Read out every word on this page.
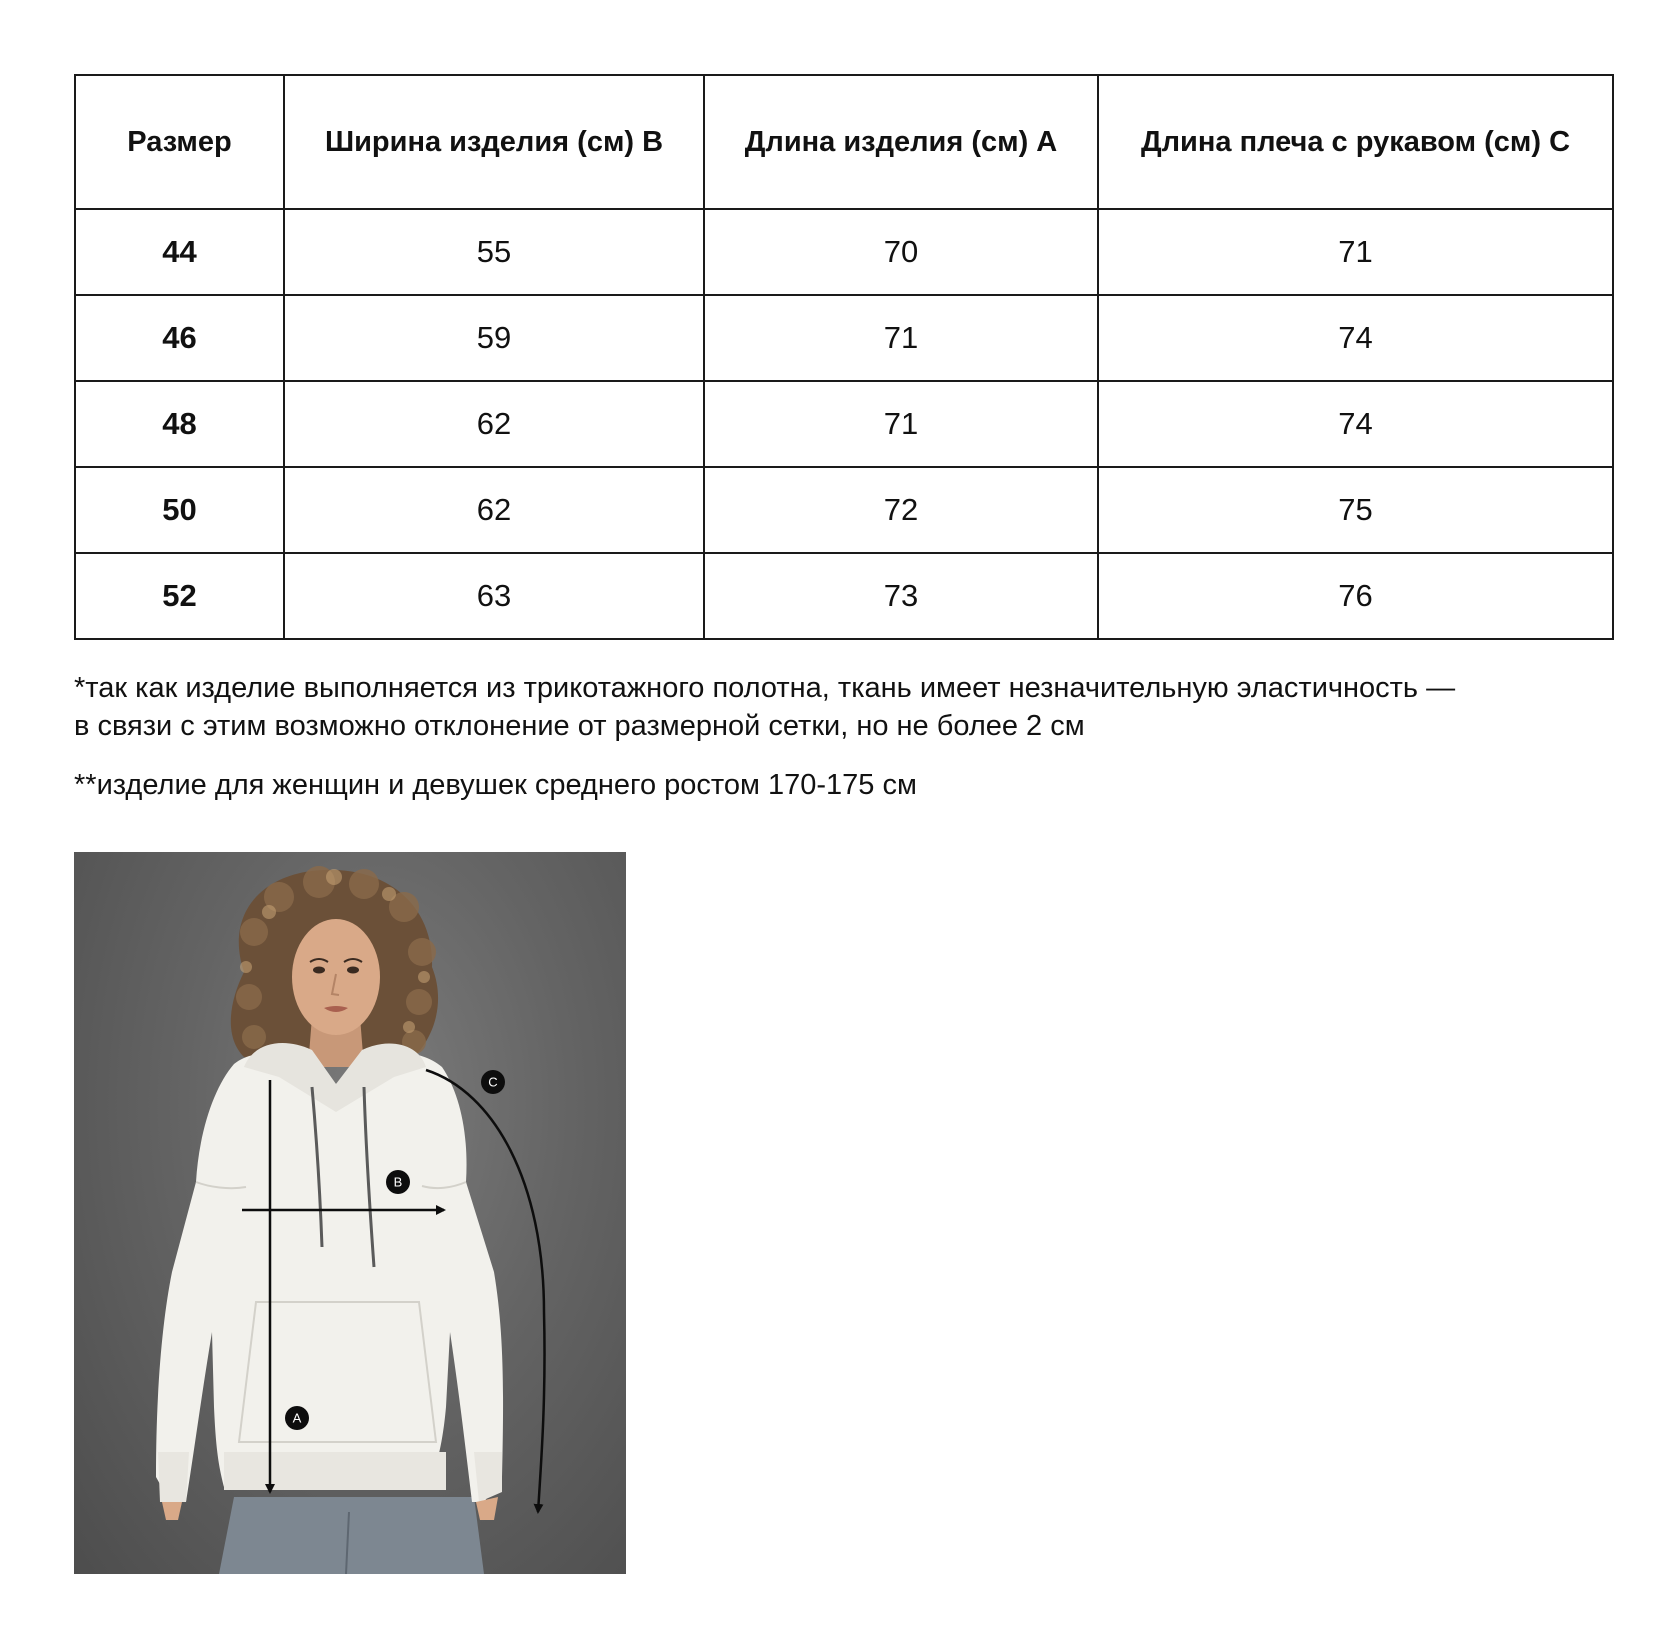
Размер	Ширина изделия (см) B	Длина изделия (см) A	Длина плеча с рукавом (см) C
44	55	70	71
46	59	71	74
48	62	71	74
50	62	72	75
52	63	73	76

*так как изделие выполняется из трикотажного полотна, ткань имеет незначительную эластичность —
в связи с этим возможно отклонение от размерной сетки, но не более 2 см

**изделие для женщин и девушек среднего ростом 170-175 см

A
B
C
